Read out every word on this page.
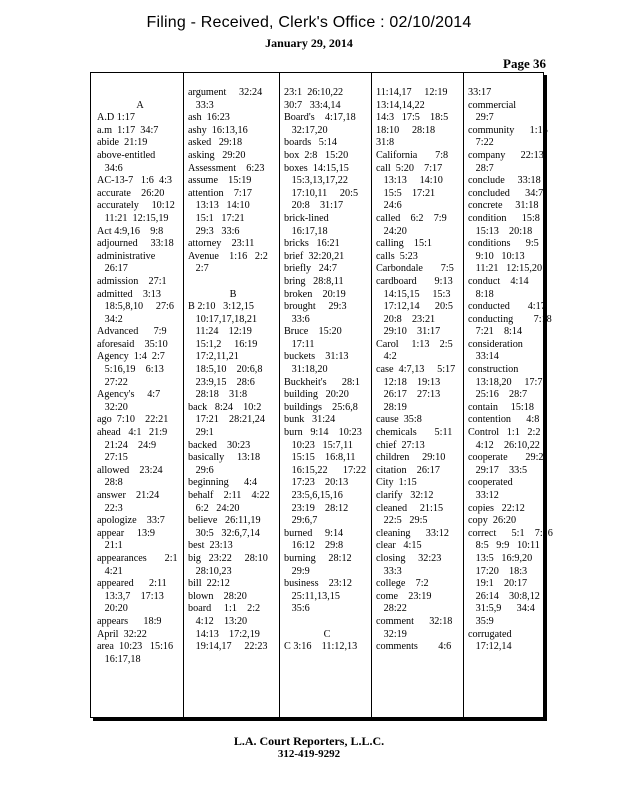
Filing - Received, Clerk's Office : 02/10/2014
January 29, 2014
Page 36

A
A.D 1:17
a.m  1:17  34:7
abide  21:19
above-entitled
34:6
AC-13-7   1:6  4:3
accurate    26:20
accurately     10:12
11:21  12:15,19
Act 4:9,16    9:8
adjourned     33:18
administrative
26:17
admission    27:1
admitted    3:13
18:5,8,10     27:6
34:2
Advanced      7:9
aforesaid    35:10
Agency  1:4  2:7
5:16,19    6:13
27:22
Agency's     4:7
32:20
ago  7:10    22:21
ahead   4:1   21:9
21:24    24:9
27:15
allowed    23:24
28:8
answer    21:24
22:3
apologize    33:7
appear     13:9
21:1
appearances       2:1
4:21
appeared      2:11
13:3,7    17:13
20:20
appears      18:9
April  32:22
area  10:23   15:16
16:17,18
argument     32:24
33:3
ash  16:23
ashy  16:13,16
asked   29:18
asking   29:20
Assessment    6:23
assume    15:19
attention    7:17
13:13   14:10
15:1   17:21
29:3   33:6
attorney    23:11
Avenue    1:16   2:2
2:7

B
B 2:10   3:12,15
10:17,17,18,21
11:24    12:19
15:1,2     16:19
17:2,11,21
18:5,10    20:6,8
23:9,15    28:6
28:18    31:8
back   8:24    10:2
17:21    28:21,24
29:1
backed    30:23
basically     13:18
29:6
beginning      4:4
behalf    2:11    4:22
6:2   24:20
believe   26:11,19
30:5   32:6,7,14
best  23:13
big   23:22     28:10
28:10,23
bill  22:12
blown    28:20
board     1:1    2:2
4:12    13:20
14:13    17:2,19
19:14,17     22:23
23:1  26:10,22
30:7   33:4,14
Board's    4:17,18
32:17,20
boards   5:14
box  2:8   15:20
boxes  14:15,15
15:3,13,17,22
17:10,11     20:5
20:8    31:17
brick-lined
16:17,18
bricks   16:21
brief  32:20,21
briefly   24:7
bring   28:8,11
broken    20:19
brought     29:3
33:6
Bruce    15:20
17:11
buckets    31:13
31:18,20
Buckheit's      28:1
building   20:20
buildings    25:6,8
bunk   31:24
burn   9:14    10:23
10:23   15:7,11
15:15    16:8,11
16:15,22      17:22
17:23    20:13
23:5,6,15,16
23:19    28:12
29:6,7
burned     9:14
16:12    29:8
burning     28:12
29:9
business    23:12
25:11,13,15
35:6

C
C 3:16    11:12,13
11:14,17     12:19
13:14,14,22
14:3   17:5    18:5
18:10     28:18
31:8
California       7:8
call  5:20    7:17
13:13     14:10
15:5    17:21
24:6
called    6:2    7:9
24:20
calling    15:1
calls  5:23
Carbondale       7:5
cardboard       9:13
14:15,15     15:3
17:12,14      20:5
20:8    23:21
29:10    31:17
Carol     1:13    2:5
4:2
case  4:7,13     5:17
12:18    19:13
26:17    27:13
28:19
cause  35:8
chemicals       5:11
chief  27:13
children     29:10
citation    26:17
City  1:15
clarify   32:12
cleaned     21:15
22:5   29:5
cleaning      33:12
clear   4:15
closing     32:23
33:3
college    7:2
come    23:19
28:22
comment      32:18
32:19
comments        4:6
33:17
commercial
29:7
community      1:15
7:22
company      22:13
28:7
conclude     33:18
concluded      34:7
concrete     31:18
condition      15:8
15:13    20:18
conditions      9:5
9:10   10:13
11:21   12:15,20
conduct    4:14
8:18
conducted       4:17
conducting        7:18
7:21    8:14
consideration
33:14
construction
13:18,20     17:7
25:16    28:7
contain     15:18
contention      4:8
Control   1:1   2:2
4:12    26:10,22
cooperate       29:2
29:17    33:5
cooperated
33:12
copies   22:12
copy  26:20
correct      5:1    7:16
8:5   9:9   10:11
13:5   16:9,20
17:20    18:3
19:1    20:17
26:14    30:8,12
31:5,9      34:4
35:9
corrugated
17:12,14
L.A. Court Reporters, L.L.C.
312-419-9292
